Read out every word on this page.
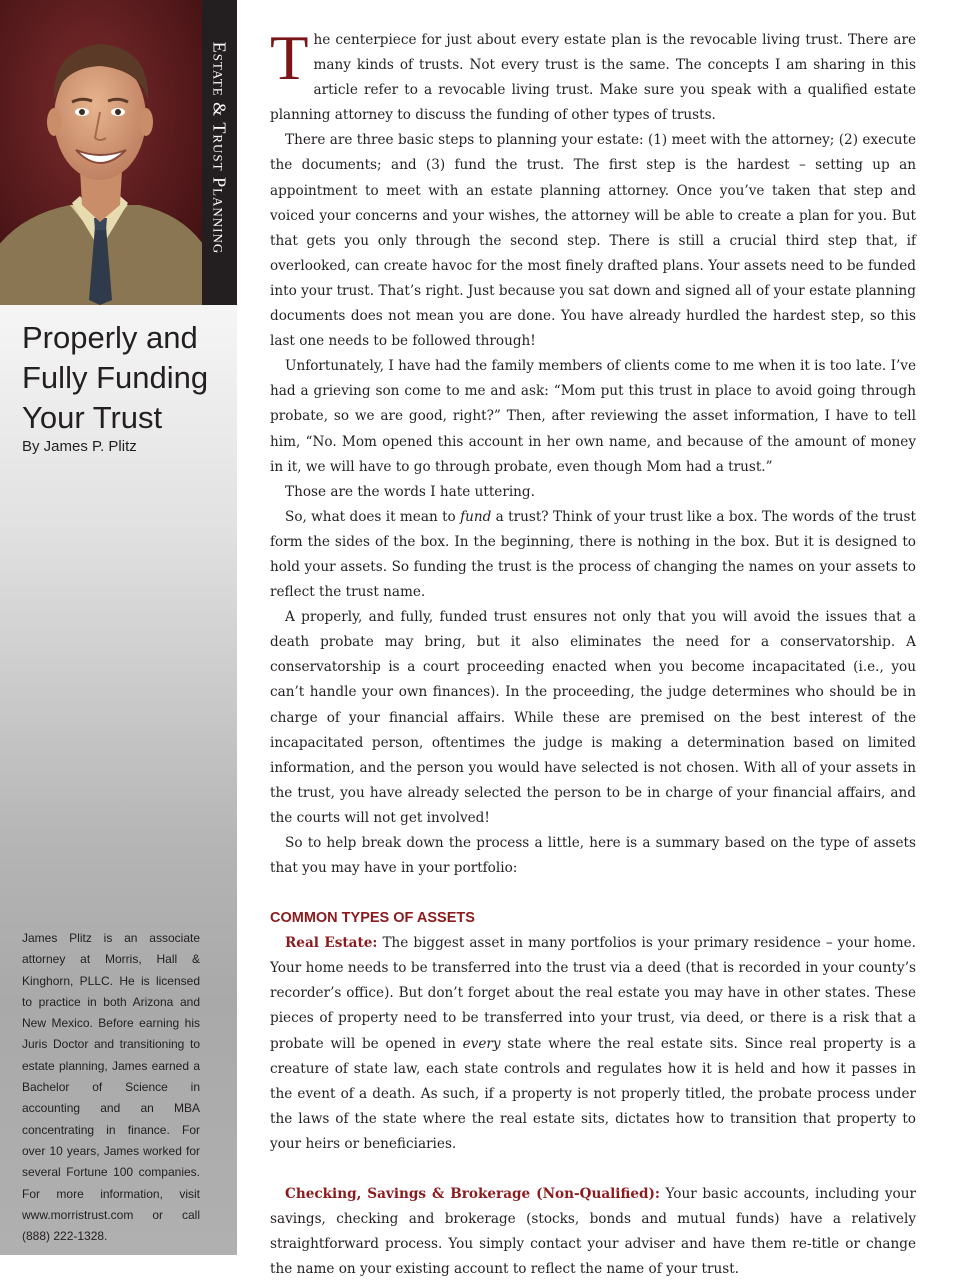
Estate & Trust Planning
Properly and Fully Funding Your Trust

By James P. Plitz

James Plitz is an associate attorney at Morris, Hall & Kinghorn, PLLC. He is licensed to practice in both Arizona and New Mexico. Before earning his Juris Doctor and transitioning to estate planning, James earned a Bachelor of Science in accounting and an MBA concentrating in finance. For over 10 years, James worked for several Fortune 100 companies. For more information, visit www.morristrust.com or call (888) 222-1328.

The centerpiece for just about every estate plan is the revocable living trust. There are many kinds of trusts. Not every trust is the same. The concepts I am sharing in this article refer to a revocable living trust. Make sure you speak with a qualified estate planning attorney to discuss the funding of other types of trusts.

There are three basic steps to planning your estate: (1) meet with the attorney; (2) execute the documents; and (3) fund the trust. The first step is the hardest – setting up an appointment to meet with an estate planning attorney. Once you’ve taken that step and voiced your concerns and your wishes, the attorney will be able to create a plan for you. But that gets you only through the second step. There is still a crucial third step that, if overlooked, can create havoc for the most finely drafted plans. Your assets need to be funded into your trust. That’s right. Just because you sat down and signed all of your estate planning documents does not mean you are done. You have already hurdled the hardest step, so this last one needs to be followed through!

Unfortunately, I have had the family members of clients come to me when it is too late. I’ve had a grieving son come to me and ask: “Mom put this trust in place to avoid going through probate, so we are good, right?” Then, after reviewing the asset information, I have to tell him, “No. Mom opened this account in her own name, and because of the amount of money in it, we will have to go through probate, even though Mom had a trust.”

Those are the words I hate uttering.

So, what does it mean to fund a trust? Think of your trust like a box. The words of the trust form the sides of the box. In the beginning, there is nothing in the box. But it is designed to hold your assets. So funding the trust is the process of changing the names on your assets to reflect the trust name.

A properly, and fully, funded trust ensures not only that you will avoid the issues that a death probate may bring, but it also eliminates the need for a conservatorship. A conservatorship is a court proceeding enacted when you become incapacitated (i.e., you can’t handle your own finances). In the proceeding, the judge determines who should be in charge of your financial affairs. While these are premised on the best interest of the incapacitated person, oftentimes the judge is making a determination based on limited information, and the person you would have selected is not chosen. With all of your assets in the trust, you have already selected the person to be in charge of your financial affairs, and the courts will not get involved!

So to help break down the process a little, here is a summary based on the type of assets that you may have in your portfolio:

COMMON TYPES OF ASSETS

Real Estate: The biggest asset in many portfolios is your primary residence – your home. Your home needs to be transferred into the trust via a deed (that is recorded in your county’s recorder’s office). But don’t forget about the real estate you may have in other states. These pieces of property need to be transferred into your trust, via deed, or there is a risk that a probate will be opened in every state where the real estate sits. Since real property is a creature of state law, each state controls and regulates how it is held and how it passes in the event of a death. As such, if a property is not properly titled, the probate process under the laws of the state where the real estate sits, dictates how to transition that property to your heirs or beneficiaries.

Checking, Savings & Brokerage (Non-Qualified): Your basic accounts, including your savings, checking and brokerage (stocks, bonds and mutual funds) have a relatively straightforward process. You simply contact your adviser and have them re-title or change the name on your existing account to reflect the name of your trust.
